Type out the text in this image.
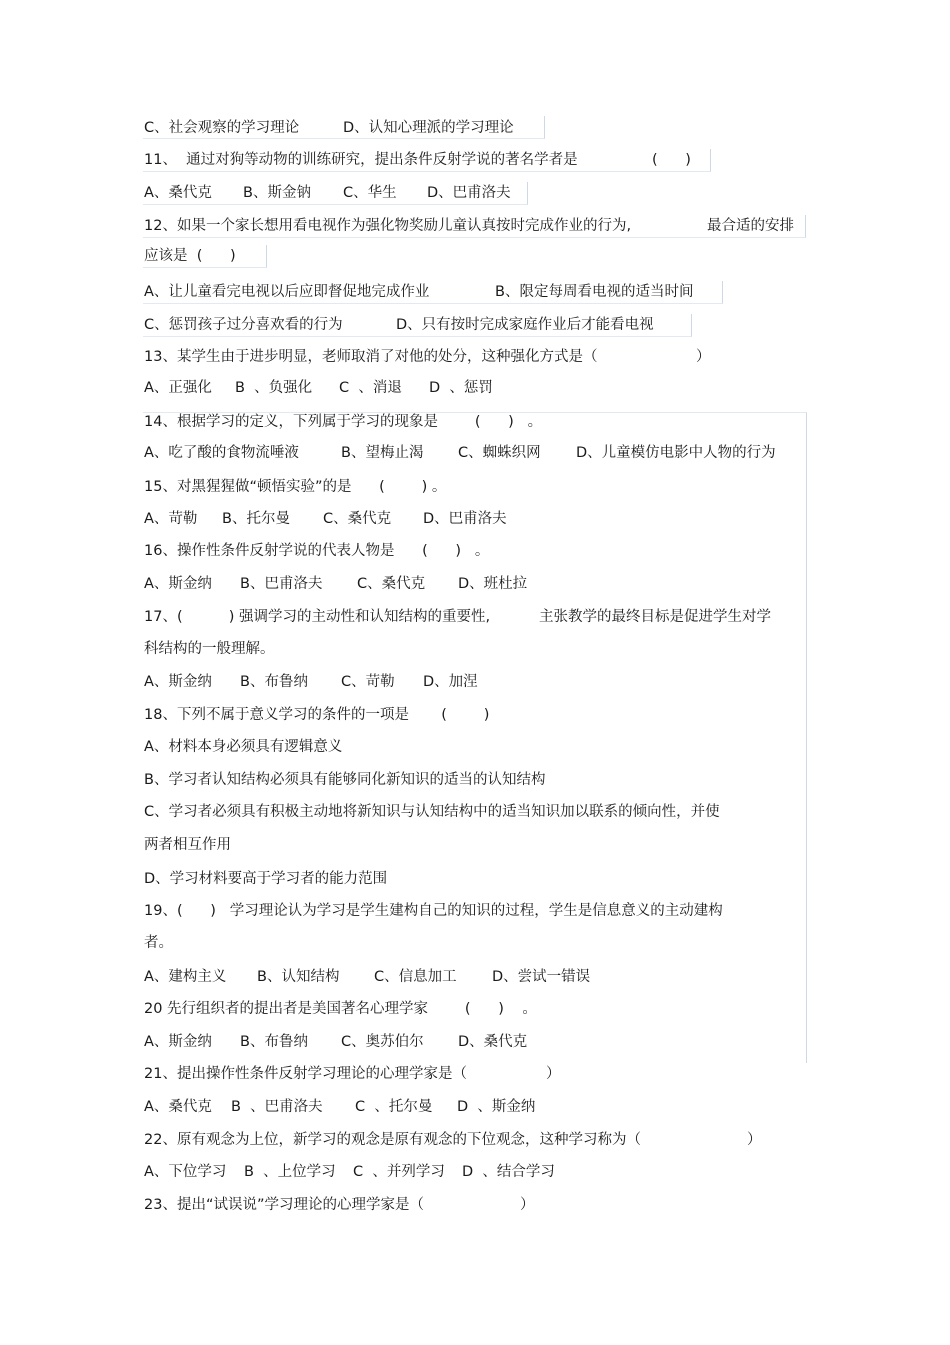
C、社会观察的学习理论

	D、认知心理派的学习理论

11、  通过对狗等动物的训练研究，提出条件反射学说的著名学者是

	(      )

A、桑代克

B、斯金钠

C、华生

D、巴甫洛夫

12、如果一个家长想用看电视作为强化物奖励儿童认真按时完成作业的行为,

	最合适的安排

应该是  (      )

A、让儿童看完电视以后应即督促地完成作业

	B、限定每周看电视的适当时间

C、惩罚孩子过分喜欢看的行为

	D、只有按时完成家庭作业后才能看电视

13、某学生由于进步明显，老师取消了对他的处分，这种强化方式是（

	）

A、正强化

B  、负强化

C  、消退

D  、惩罚

14、根据学习的定义，下列属于学习的现象是        (      )   。

A、吃了酸的食物流唾液

	B、望梅止渴

C、蜘蛛织网

D、儿童模仿电影中人物的行为

15、对黑猩猩做“顿悟实验”的是      (        ) 。

A、苛勒

B、托尔曼

C、桑代克

D、巴甫洛夫

16、操作性条件反射学说的代表人物是      (      )   。

A、斯金纳

B、巴甫洛夫

C、桑代克

D、班杜拉

17、(          ) 强调学习的主动性和认知结构的重要性,

	主张教学的最终目标是促进学生对学

科结构的一般理解。

A、斯金纳

B、布鲁纳

C、苛勒

D、加涅

18、下列不属于意义学习的条件的一项是       (        )

A、材料本身必须具有逻辑意义

B、学习者认知结构必须具有能够同化新知识的适当的认知结构

C、学习者必须具有积极主动地将新知识与认知结构中的适当知识加以联系的倾向性，并使

两者相互作用

D、学习材料要高于学习者的能力范围

19、(      )   学习理论认为学习是学生建构自己的知识的过程，学生是信息意义的主动建构

者。

A、建构主义

B、认知结构

C、信息加工

D、尝试一错误

20 先行组织者的提出者是美国著名心理学家        (      )    。

A、斯金纳

B、布鲁纳

C、奥苏伯尔

D、桑代克

21、提出操作性条件反射学习理论的心理学家是（

	）

A、桑代克

B  、巴甫洛夫

C  、托尔曼

D  、斯金纳

22、原有观念为上位，新学习的观念是原有观念的下位观念，这种学习称为（

	）

A、下位学习

B  、上位学习

C  、并列学习

D  、结合学习

23、提出“试误说”学习理论的心理学家是（

	）
